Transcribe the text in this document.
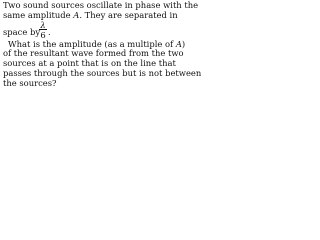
Two sound sources oscillate in phase with the
same amplitude A. They are separated in
space by
λ
6 .
What is the amplitude (as a multiple of A)
of the resultant wave formed from the two
sources at a point that is on the line that
passes through the sources but is not between
the sources?
